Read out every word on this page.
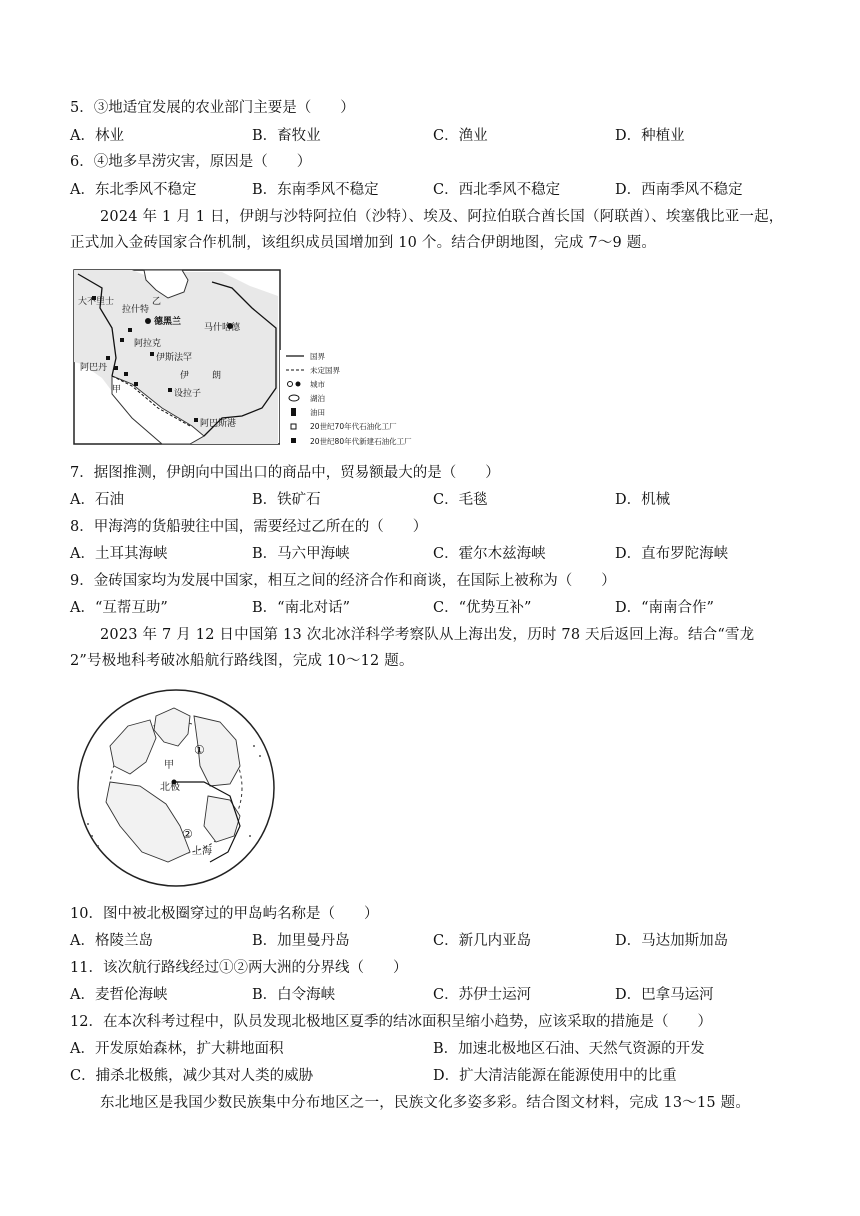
5．③地适宜发展的农业部门主要是（　　）
A．林业	B．畜牧业	C．渔业	D．种植业
6．④地多旱涝灾害，原因是（　　）
A．东北季风不稳定	B．东南季风不稳定	C．西北季风不稳定	D．西南季风不稳定
2024 年 1 月 1 日，伊朗与沙特阿拉伯（沙特）、埃及、阿拉伯联合酋长国（阿联酋）、埃塞俄比亚一起，正式加入金砖国家合作机制，该组织成员国增加到 10 个。结合伊朗地图，完成 7～9 题。
大不里士	乙
拉什特
德黑兰
马什哈德
阿拉克
伊斯法罕
伊	朗
阿巴丹
设拉子
阿巴斯港
甲
国界
未定国界
城市
湖泊
油田
20世纪70年代石油化工厂
20世纪80年代新建石油化工厂
7．据图推测，伊朗向中国出口的商品中，贸易额最大的是（　　）
A．石油	B．铁矿石	C．毛毯	D．机械
8．甲海湾的货船驶往中国，需要经过乙所在的（　　）
A．土耳其海峡	B．马六甲海峡	C．霍尔木兹海峡	D．直布罗陀海峡
9．金砖国家均为发展中国家，相互之间的经济合作和商谈，在国际上被称为（　　）
A．“互帮互助”	B．“南北对话”	C．“优势互补”	D．“南南合作”
2023 年 7 月 12 日中国第 13 次北冰洋科学考察队从上海出发，历时 78 天后返回上海。结合“雪龙 2”号极地科考破冰船航行路线图，完成 10～12 题。
①
②
甲
北极
上海
10．图中被北极圈穿过的甲岛屿名称是（　　）
A．格陵兰岛	B．加里曼丹岛	C．新几内亚岛	D．马达加斯加岛
11．该次航行路线经过①②两大洲的分界线（　　）
A．麦哲伦海峡	B．白令海峡	C．苏伊士运河	D．巴拿马运河
12．在本次科考过程中，队员发现北极地区夏季的结冰面积呈缩小趋势，应该采取的措施是（　　）
A．开发原始森林，扩大耕地面积	B．加速北极地区石油、天然气资源的开发
C．捕杀北极熊，减少其对人类的威胁	D．扩大清洁能源在能源使用中的比重
东北地区是我国少数民族集中分布地区之一，民族文化多姿多彩。结合图文材料，完成 13～15 题。
